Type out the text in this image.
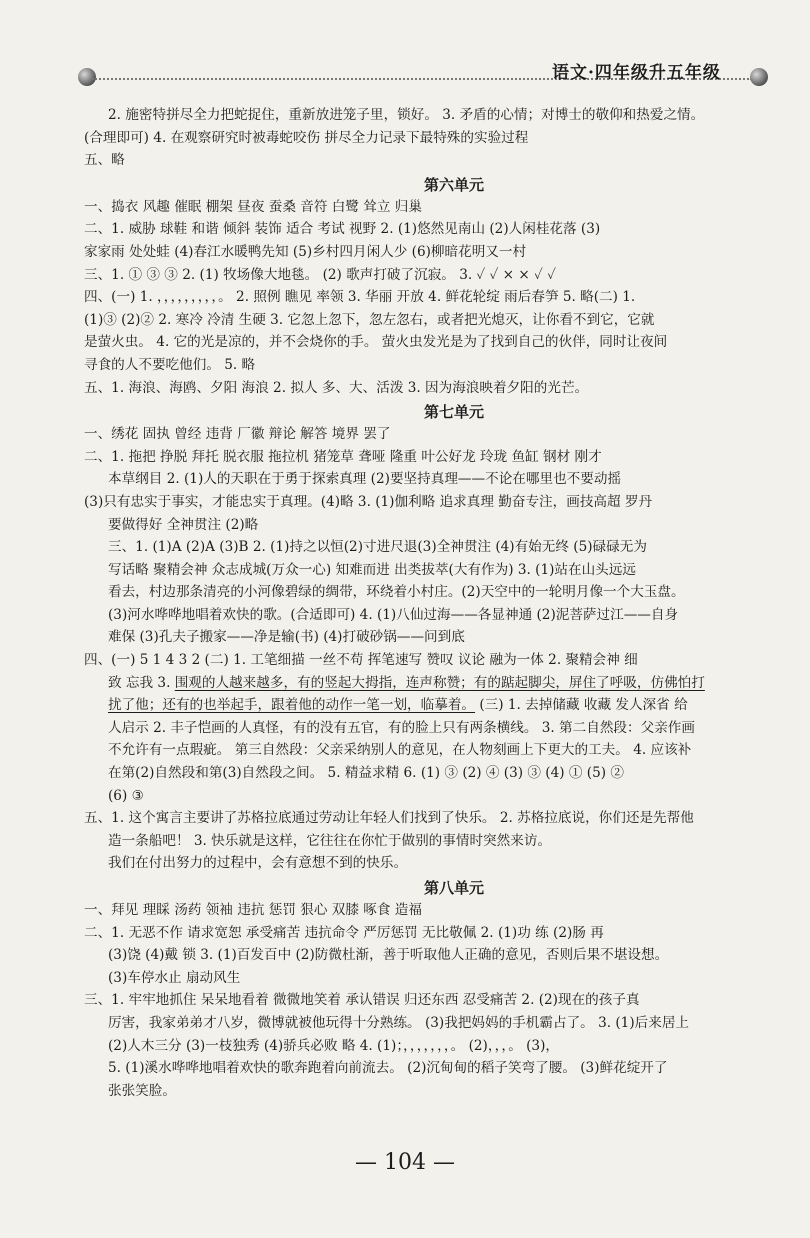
语文·四年级升五年级
2. 施密特拼尽全力把蛇捉住，重新放进笼子里，锁好。 3. 矛盾的心情；对博士的敬仰和热爱之情。
(合理即可) 4. 在观察研究时被毒蛇咬伤 拼尽全力记录下最特殊的实验过程
五、略
第六单元
一、捣衣 风趣 催眠 棚架 昼夜 蚕桑 音符 白鹭 耸立 归巢
二、1. 威胁 球鞋 和谐 倾斜 装饰 适合 考试 视野 2. (1)悠然见南山 (2)人闲桂花落 (3)
家家雨 处处蛙 (4)春江水暖鸭先知 (5)乡村四月闲人少 (6)柳暗花明又一村
三、1. ① ③ ③ 2. (1) 牧场像大地毯。 (2) 歌声打破了沉寂。 3. ✓ ✓ × × ✓ ✓
四、(一) 1. ，，，，，，，，，。 2. 照例 瞧见 率领 3. 华丽 开放 4. 鲜花轮绽 雨后春笋 5. 略(二) 1.
(1)③ (2)② 2. 寒冷 冷清 生硬 3. 它忽上忽下，忽左忽右，或者把光熄灭，让你看不到它，它就
是萤火虫。 4. 它的光是凉的，并不会烧你的手。 萤火虫发光是为了找到自己的伙伴，同时让夜间
寻食的人不要吃他们。 5. 略
五、1. 海浪、海鸥、夕阳 海浪 2. 拟人 多、大、活泼 3. 因为海浪映着夕阳的光芒。
第七单元
一、绣花 固执 曾经 违背 厂徽 辩论 解答 境界 罢了
二、1. 拖把 挣脱 拜托 脱衣服 拖拉机 猪笼草 聋哑 隆重 叶公好龙 玲珑 鱼缸 钢材 刚才
本草纲目 2. (1)人的天职在于勇于探索真理 (2)要坚持真理——不论在哪里也不要动摇
(3)只有忠实于事实，才能忠实于真理。(4)略 3. (1)伽利略 追求真理 勤奋专注，画技高超 罗丹
要做得好 全神贯注 (2)略
三、1. (1)A (2)A (3)B 2. (1)持之以恒(2)寸进尺退(3)全神贯注 (4)有始无终 (5)碌碌无为
写话略 聚精会神 众志成城(万众一心) 知难而进 出类拔萃(大有作为) 3. (1)站在山头远远
看去，村边那条清亮的小河像碧绿的绸带，环绕着小村庄。(2)天空中的一轮明月像一个大玉盘。
(3)河水哗哗地唱着欢快的歌。(合适即可) 4. (1)八仙过海——各显神通 (2)泥菩萨过江——自身
难保 (3)孔夫子搬家——净是输(书) (4)打破砂锅——问到底
四、(一) 5 1 4 3 2 (二) 1. 工笔细描 一丝不苟 挥笔速写 赞叹 议论 融为一体 2. 聚精会神 细
致 忘我 3. 围观的人越来越多，有的竖起大拇指，连声称赞；有的踮起脚尖，屏住了呼吸，仿佛怕打
扰了他；还有的也举起手，跟着他的动作一笔一划，临摹着。 (三) 1. 去掉储藏 收藏 发人深省 给
人启示 2. 丰子恺画的人真怪，有的没有五官，有的脸上只有两条横线。 3. 第二自然段：父亲作画
不允许有一点瑕疵。 第三自然段：父亲采纳别人的意见，在人物刻画上下更大的工夫。 4. 应该补
在第(2)自然段和第(3)自然段之间。 5. 精益求精 6. (1) ③ (2) ④ (3) ③ (4) ① (5) ②
(6) ③
五、1. 这个寓言主要讲了苏格拉底通过劳动让年轻人们找到了快乐。 2. 苏格拉底说，你们还是先帮他
造一条船吧！ 3. 快乐就是这样，它往往在你忙于做别的事情时突然来访。
我们在付出努力的过程中，会有意想不到的快乐。
第八单元
一、拜见 理睬 汤药 领袖 违抗 惩罚 狠心 双膝 啄食 造福
二、1. 无恶不作 请求宽恕 承受痛苦 违抗命令 严厉惩罚 无比敬佩 2. (1)功 练 (2)肠 再
(3)饶 (4)戴 锁 3. (1)百发百中 (2)防微杜渐，善于听取他人正确的意见，否则后果不堪设想。
(3)车停水止 扇动风生
三、1. 牢牢地抓住 呆呆地看着 微微地笑着 承认错误 归还东西 忍受痛苦 2. (2)现在的孩子真
厉害，我家弟弟才八岁，微博就被他玩得十分熟练。 (3)我把妈妈的手机霸占了。 3. (1)后来居上
(2)人木三分 (3)一枝独秀 (4)骄兵必败 略 4. (1)；，，，，，，，。 (2)，，，。 (3)，
5. (1)溪水哗哗地唱着欢快的歌奔跑着向前流去。 (2)沉甸甸的稻子笑弯了腰。 (3)鲜花绽开了
张张笑脸。
— 104 —
